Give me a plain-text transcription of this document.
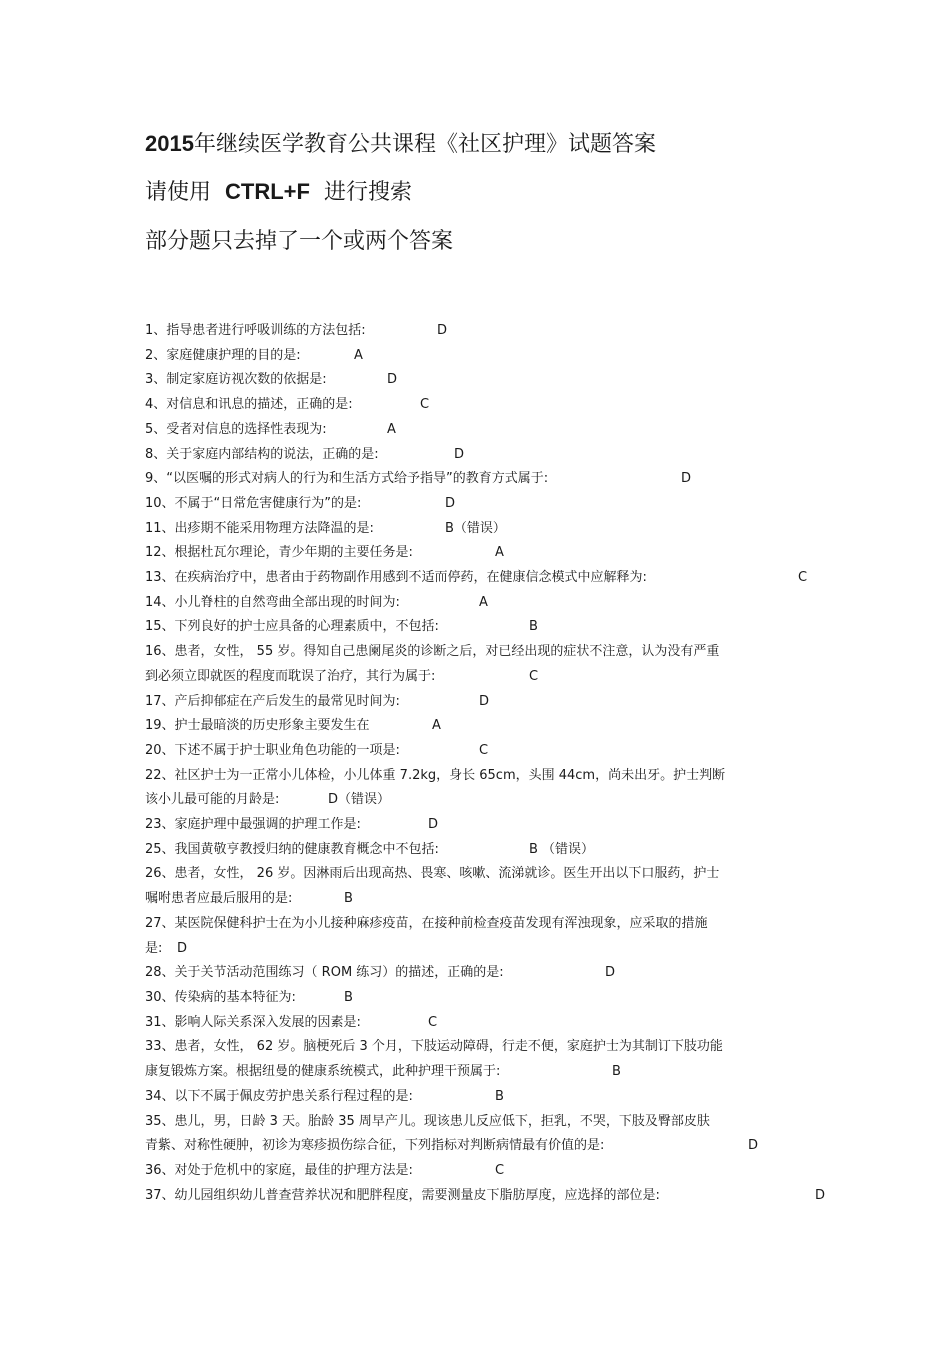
2015年继续医学教育公共课程《社区护理》试题答案
请使用 CTRL+F 进行搜索
部分题只去掉了一个或两个答案
1、指导患者进行呼吸训练的方法包括:	D
2、家庭健康护理的目的是:	A
3、制定家庭访视次数的依据是:	D
4、对信息和讯息的描述，正确的是:	C
5、受者对信息的选择性表现为:	A
8、关于家庭内部结构的说法，正确的是:	D
9、“以医嘱的形式对病人的行为和生活方式给予指导”的教育方式属于:	D
10、不属于“日常危害健康行为”的是:	D
11、出疹期不能采用物理方法降温的是:	B（错误）
12、根据杜瓦尔理论，青少年期的主要任务是:	A
13、在疾病治疗中，患者由于药物副作用感到不适而停药，在健康信念模式中应解释为:	C
14、小儿脊柱的自然弯曲全部出现的时间为:	A
15、下列良好的护士应具备的心理素质中，不包括:	B
16、患者，女性， 55 岁。得知自己患阑尾炎的诊断之后，对已经出现的症状不注意，认为没有严重
到必须立即就医的程度而耽误了治疗，其行为属于:	C
17、产后抑郁症在产后发生的最常见时间为:	D
19、护士最暗淡的历史形象主要发生在	A
20、下述不属于护士职业角色功能的一项是:	C
22、社区护士为一正常小儿体检，小儿体重 7.2kg，身长 65cm，头围 44cm，尚未出牙。护士判断
该小儿最可能的月龄是:	D（错误）
23、家庭护理中最强调的护理工作是:	D
25、我国黄敬亨教授归纳的健康教育概念中不包括:	B （错误）
26、患者，女性， 26 岁。因淋雨后出现高热、畏寒、咳嗽、流涕就诊。医生开出以下口服药，护士
嘱咐患者应最后服用的是:	B
27、某医院保健科护士在为小儿接种麻疹疫苗，在接种前检查疫苗发现有浑浊现象，应采取的措施
是:	D
28、关于关节活动范围练习（ ROM 练习）的描述，正确的是:	D
30、传染病的基本特征为:	B
31、影响人际关系深入发展的因素是:	C
33、患者，女性， 62 岁。脑梗死后 3 个月，下肢运动障碍，行走不便，家庭护士为其制订下肢功能
康复锻炼方案。根据纽曼的健康系统模式，此种护理干预属于:	B
34、以下不属于佩皮劳护患关系行程过程的是:	B
35、患儿，男，日龄 3 天。胎龄 35 周早产儿。现该患儿反应低下，拒乳，不哭，下肢及臀部皮肤
青紫、对称性硬肿，初诊为寒疹损伤综合征，下列指标对判断病情最有价值的是:	D
36、对处于危机中的家庭，最佳的护理方法是:	C
37、幼儿园组织幼儿普查营养状况和肥胖程度，需要测量皮下脂肪厚度，应选择的部位是:	D
